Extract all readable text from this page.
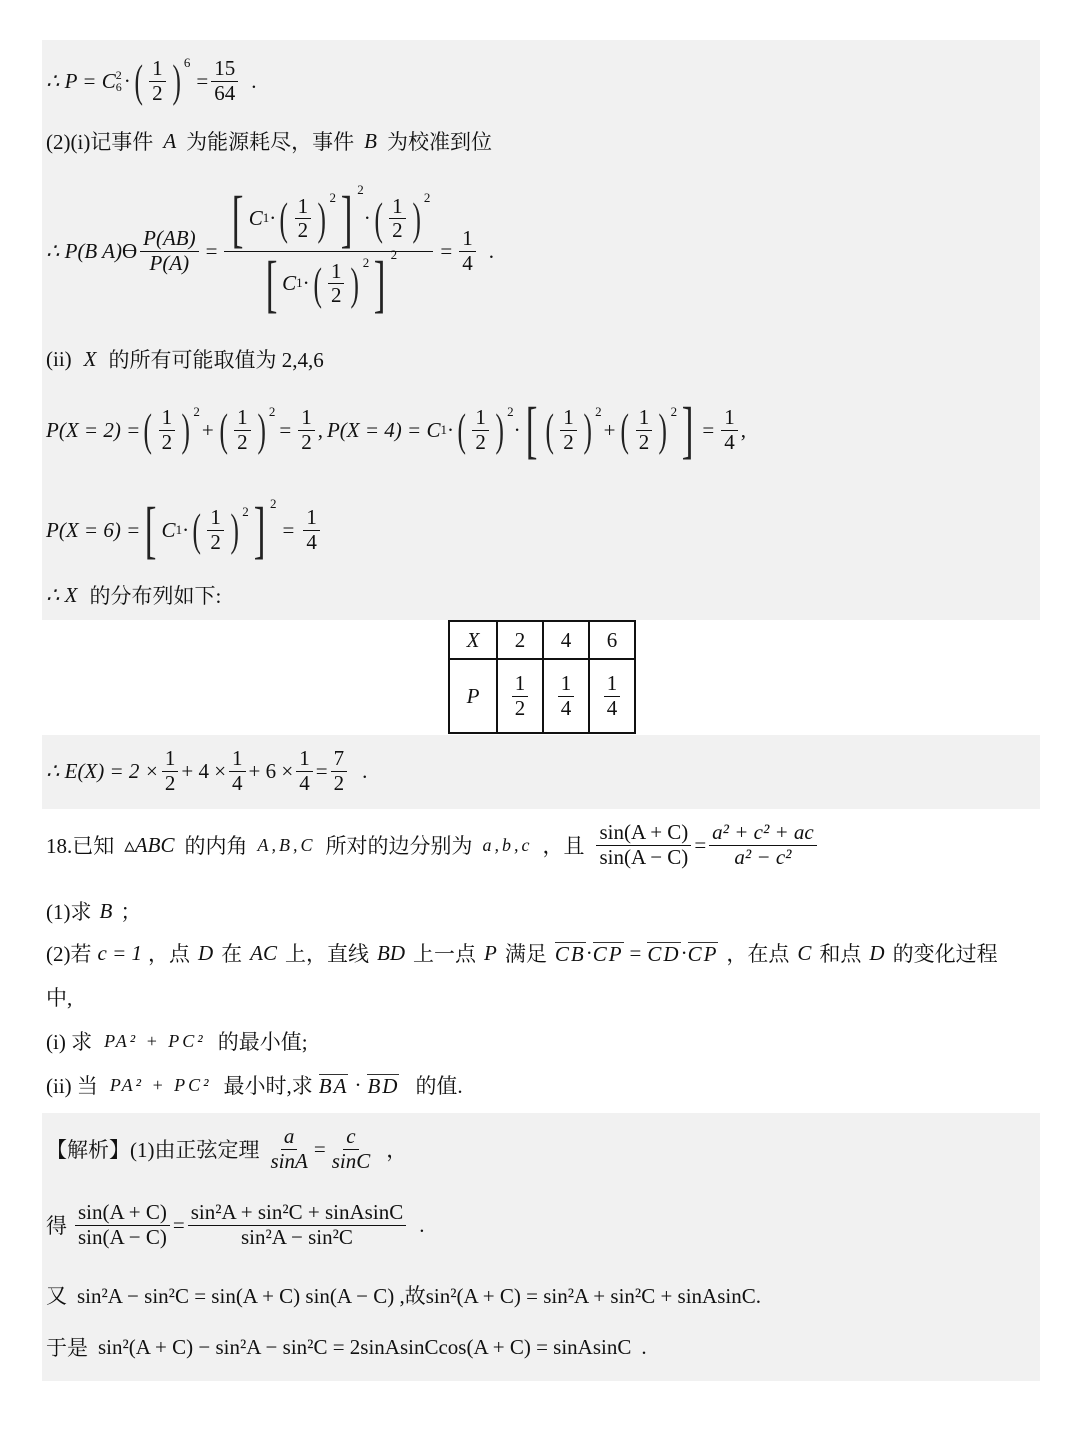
∴ P = C 2
6 · ( $\frac{1}{2}$ ) 6
= $\frac{15}{64}$ .
(2)(i)记事件 A 为能源耗尽，事件 B 为校准到位
∴ P(B A) ϴ $\frac{P(AB)}{P(A)}$ = [ C 1 · ( $\frac{1}{2}$ ) 2 ] 2
· ( $\frac{1}{2}$ ) 2
[ C 1 · ( $\frac{1}{2}$ ) 2 ] $2 = \frac{1}{4}$ .
(ii) X 的所有可能取值为 2,4,6
P(X = 2) = ( $\frac{1}{2}$ ) 2
+ ( $\frac{1}{2}$ ) 2
= $\frac{1}{2}$ , P(X = 4) = C 1 · ( $\frac{1}{2}$ ) 2
· [ ( $\frac{1}{2}$ ) 2
+ ( $\frac{1}{2}$ ) 2 ] = $\frac{1}{4}$ ,
P(X = 6) = [ C 1 · ( $\frac{1}{2}$ ) 2 ] 2
= $\frac{1}{4}$
∴ X 的分布列如下:
X	2	4	6
P	$\frac{1}{2}$	$\frac{1}{4}$	$\frac{1}{4}$
∴ $E(X) = 2 \times \frac{1}{2} + 4 \times \frac{1}{4} + 6 \times \frac{1}{4} = \frac{7}{2}$ .
18.已知 ▵ABC 的内角 A,B,C 所对的边分别为 a,b,c ，且 $\frac{\sin(A + C)}{\sin(A - C)} = \frac{\text{a² + c² + ac}}{\text{a² − c²}}$
(1)求 B ；
(2)若 c = 1 ，点 D 在 AC 上，直线 BD 上一点 P 满足 CB · CP = CD · CP ，在点 C 和点 D 的变化过程
中,
(i) 求 PA² + PC² 的最小值;
(ii) 当 PA² + PC² 最小时,求 BA · BD 的值.
【解析】(1)由正弦定理 $\frac{a}{\sin A} = \frac{c}{\sin C}$ ，
得 $\frac{\sin(A + C)}{\sin(A - C)} = \frac{\text{sin²A + sin²C + sinAsinC}}{\text{sin²A − sin²C}}$ .
又 sin²A − sin²C = sin(A + C) sin(A − C) ,故sin²(A + C) = sin²A + sin²C + sinAsinC.
于是 sin²(A + C) − sin²A − sin²C = 2sinAsinCcos(A + C) = sinAsinC .
